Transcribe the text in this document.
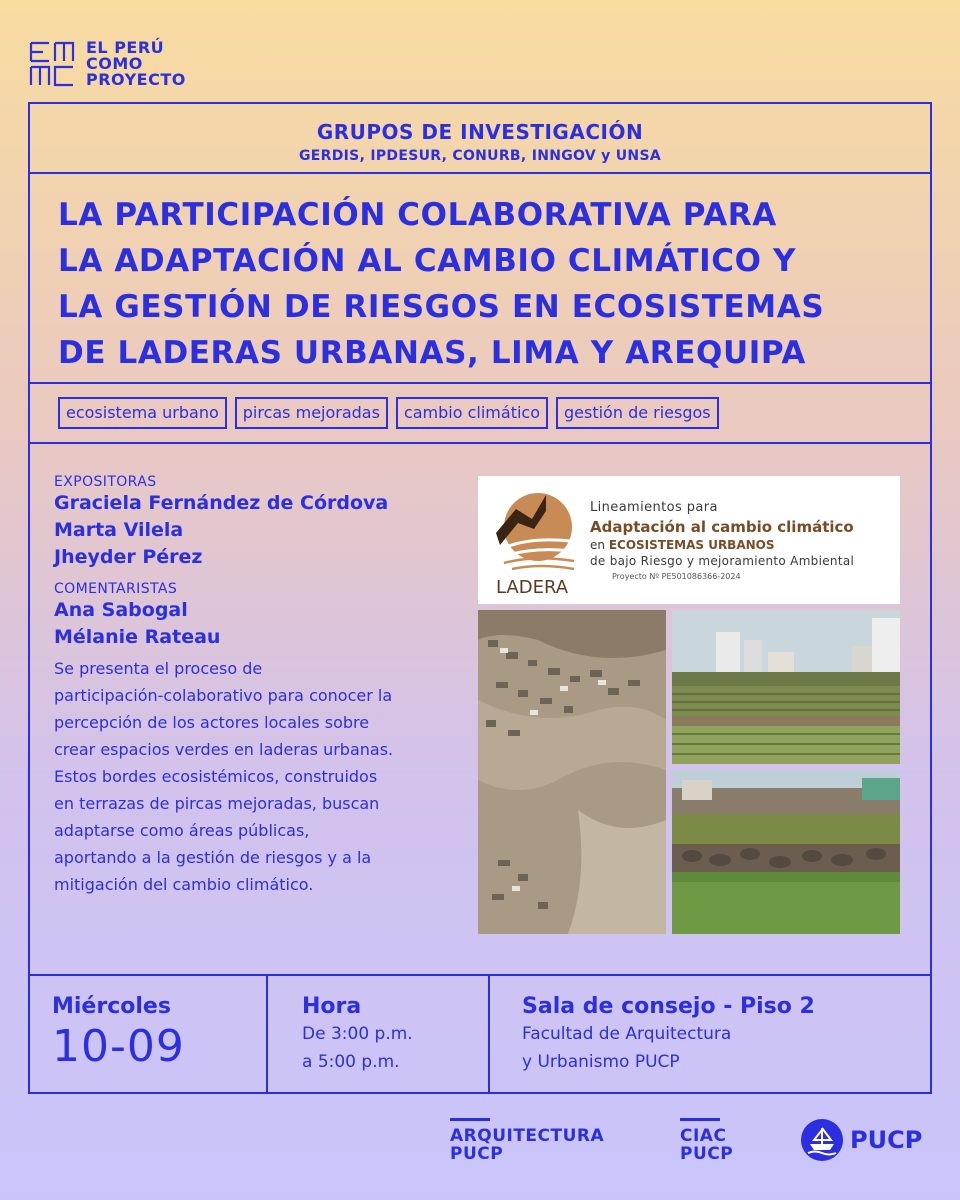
EL PERÚ
COMO
PROYECTO
GRUPOS DE INVESTIGACIÓN
GERDIS, IPDESUR, CONURB, INNGOV y UNSA
LA PARTICIPACIÓN COLABORATIVA PARA
LA ADAPTACIÓN AL CAMBIO CLIMÁTICO Y
LA GESTIÓN DE RIESGOS EN ECOSISTEMAS
DE LADERAS URBANAS, LIMA Y AREQUIPA
ecosistema urbano	pircas mejoradas	cambio climático	gestión de riesgos
EXPOSITORAS
Graciela Fernández de Córdova
Marta Vilela
Jheyder Pérez
COMENTARISTAS
Ana Sabogal
Mélanie Rateau
Se presenta el proceso de
participación-colaborativo para conocer la
percepción de los actores locales sobre
crear espacios verdes en laderas urbanas.
Estos bordes ecosistémicos, construidos
en terrazas de pircas mejoradas, buscan
adaptarse como áreas públicas,
aportando a la gestión de riesgos y a la
mitigación del cambio climático.
LADERA
Lineamientos para
Adaptación al cambio climático
en ECOSISTEMAS URBANOS
de bajo Riesgo y mejoramiento Ambiental
Proyecto Nº PE501086366-2024
Miércoles
10-09
Hora
De 3:00 p.m.
a 5:00 p.m.
Sala de consejo - Piso 2
Facultad de Arquitectura
y Urbanismo PUCP
ARQUITECTURA
PUCP
CIAC
PUCP	PUCP
